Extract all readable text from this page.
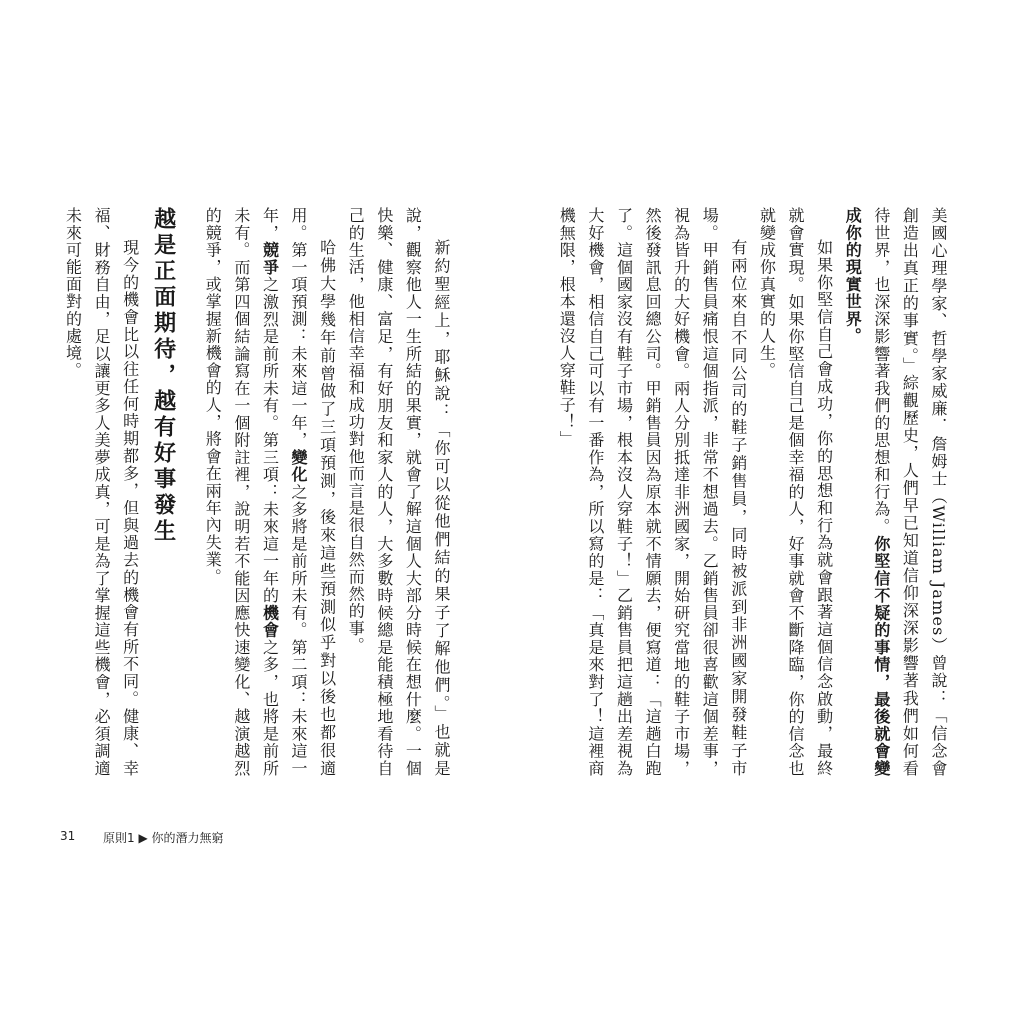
新約聖經上，耶穌說：「你可以從他們結的果子了解他們。」也就是說，觀察他人一生所結的果實，就會了解這個人大部分時候在想什麼。一個快樂、健康、富足，有好朋友和家人的人，大多數時候總是能積極地看待自己的生活，他相信幸福和成功對他而言是很自然而然的事。

哈佛大學幾年前曾做了三項預測，後來這些預測似乎對以後也都很適用。第一項預測：未來這一年，變化之多將是前所未有。第二項：未來這一年，競爭之激烈是前所未有。第三項：未來這一年的機會之多，也將是前所未有。而第四個結論寫在一個附註裡，說明若不能因應快速變化、越演越烈的競爭，或掌握新機會的人，將會在兩年內失業。

越是正面期待，越有好事發生

現今的機會比以往任何時期都多，但與過去的機會有所不同。健康、幸福、財務自由，足以讓更多人美夢成真，可是為了掌握這些機會，必須調適未來可能面對的處境。

31 原則1 ▶ 你的潛力無窮

美國心理學家、哲學家威廉．詹姆士（William James）曾說：「信念會創造出真正的事實。」綜觀歷史，人們早已知道信仰深深影響著我們如何看待世界，也深深影響著我們的思想和行為。你堅信不疑的事情，最後就會變成你的現實世界。

如果你堅信自己會成功，你的思想和行為就會跟著這個信念啟動，最終就會實現。如果你堅信自己是個幸福的人，好事就會不斷降臨，你的信念也就變成你真實的人生。

有兩位來自不同公司的鞋子銷售員，同時被派到非洲國家開發鞋子市場。甲銷售員痛恨這個指派，非常不想過去。乙銷售員卻很喜歡這個差事，視為皆升的大好機會。兩人分別抵達非洲國家，開始研究當地的鞋子市場，然後發訊息回總公司。甲銷售員因為原本就不情願去，便寫道：「這趟白跑了。這個國家沒有鞋子市場，根本沒人穿鞋子！」乙銷售員把這趟出差視為大好機會，相信自己可以有一番作為，所以寫的是：「真是來對了！這裡商機無限，根本還沒人穿鞋子！」
